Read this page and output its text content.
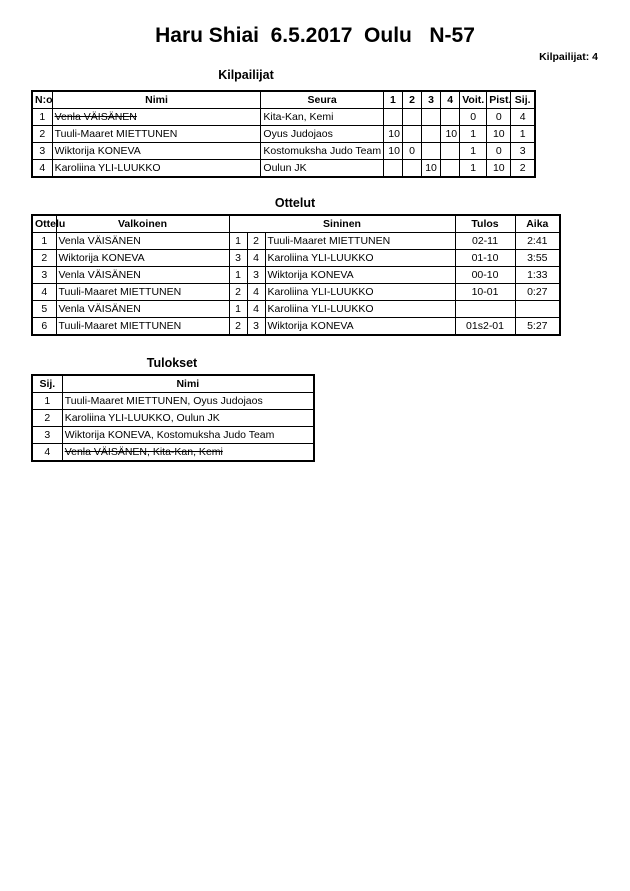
Haru Shiai  6.5.2017  Oulu   N-57
Kilpailijat: 4
Kilpailijat
N:o	Nimi	Seura	1	2	3	4	Voit.	Pist.	Sij.
1	Venla VÄISÄNEN	Kita-Kan, Kemi					0	0	4
2	Tuuli-Maaret MIETTUNEN	Oyus Judojaos	10			10	1	10	1
3	Wiktorija KONEVA	Kostomuksha Judo Team	10	0			1	0	3
4	Karoliina YLI-LUUKKO	Oulun JK			10		1	10	2
Ottelut
Ottelu	Valkoinen	Sininen			Tulos	Aika
1	Venla VÄISÄNEN	1	2	Tuuli-Maaret MIETTUNEN	02-11	2:41
2	Wiktorija KONEVA	3	4	Karoliina YLI-LUUKKO	01-10	3:55
3	Venla VÄISÄNEN	1	3	Wiktorija KONEVA	00-10	1:33
4	Tuuli-Maaret MIETTUNEN	2	4	Karoliina YLI-LUUKKO	10-01	0:27
5	Venla VÄISÄNEN	1	4	Karoliina YLI-LUUKKO		
6	Tuuli-Maaret MIETTUNEN	2	3	Wiktorija KONEVA	01s2-01	5:27
Tulokset
Sij.	Nimi
1	Tuuli-Maaret MIETTUNEN, Oyus Judojaos
2	Karoliina YLI-LUUKKO, Oulun JK
3	Wiktorija KONEVA, Kostomuksha Judo Team
4	Venla VÄISÄNEN, Kita-Kan, Kemi
